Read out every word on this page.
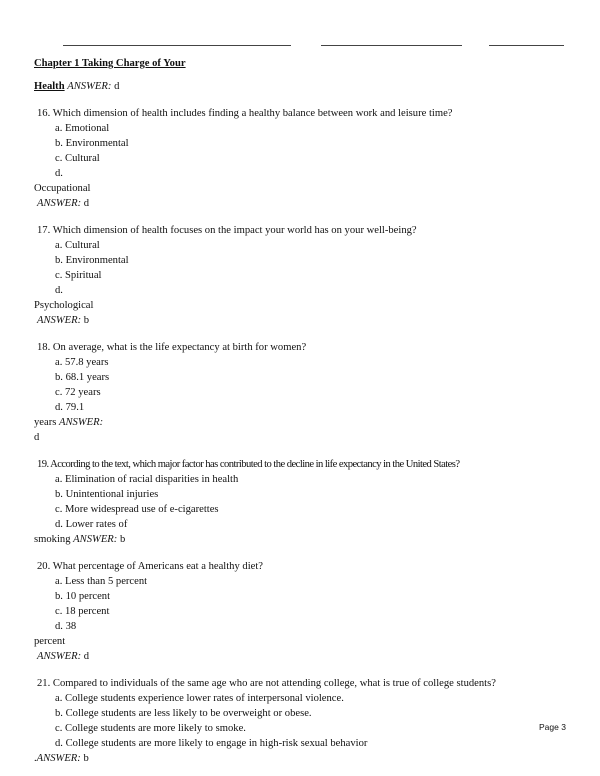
Chapter 1 Taking Charge of Your
Health ANSWER: d
16. Which dimension of health includes finding a healthy balance between work and leisure time?
a. Emotional
b. Environmental
c. Cultural
d.
Occupational
ANSWER: d
17. Which dimension of health focuses on the impact your world has on your well-being?
a. Cultural
b. Environmental
c. Spiritual
d.
Psychological
ANSWER: b
18. On average, what is the life expectancy at birth for women?
a. 57.8 years
b. 68.1 years
c. 72 years
d. 79.1
years ANSWER:
d
19. According to the text, which major factor has contributed to the decline in life expectancy in the United States?
a. Elimination of racial disparities in health
b. Unintentional injuries
c. More widespread use of e-cigarettes
d. Lower rates of
smoking ANSWER: b
20. What percentage of Americans eat a healthy diet?
a. Less than 5 percent
b. 10 percent
c. 18 percent
d. 38
percent
ANSWER: d
21. Compared to individuals of the same age who are not attending college, what is true of college students?
a. College students experience lower rates of interpersonal violence.
b. College students are less likely to be overweight or obese.
c. College students are more likely to smoke.
d. College students are more likely to engage in high-risk sexual behavior
.ANSWER: b
Page 3
